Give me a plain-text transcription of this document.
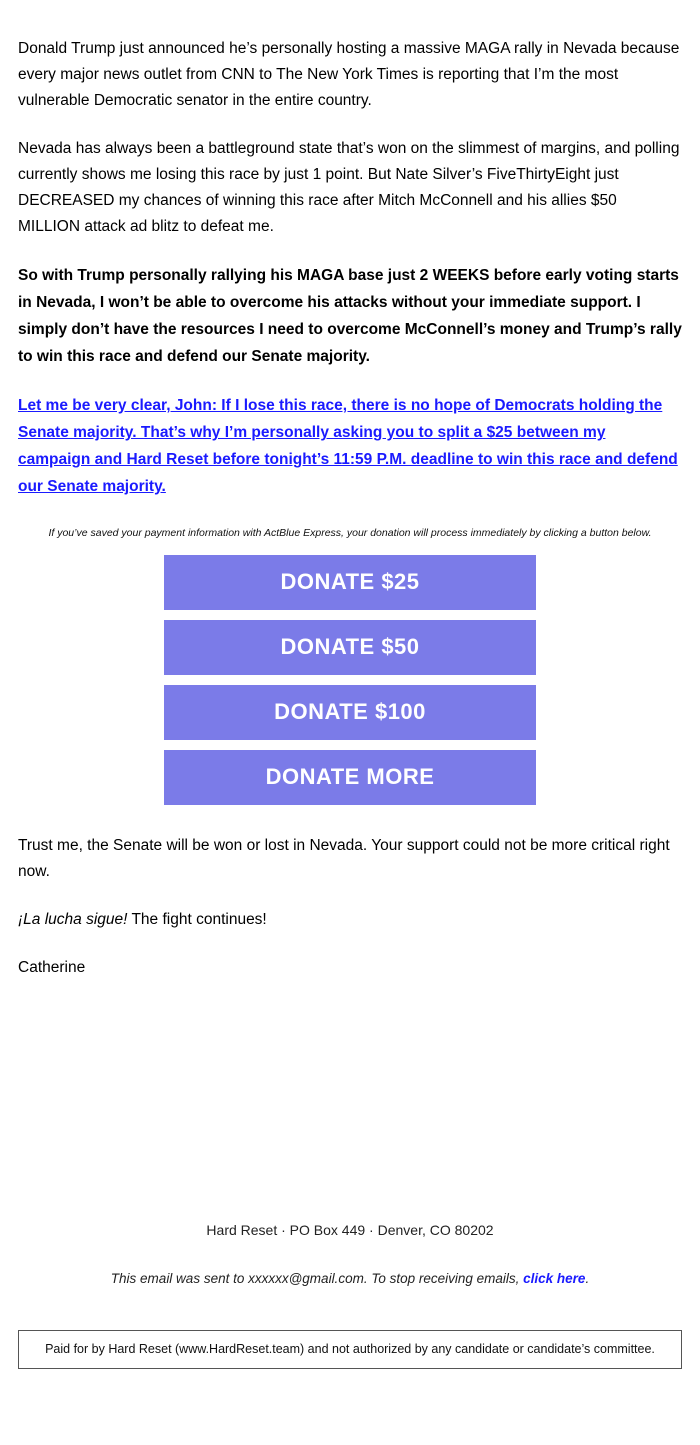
Donald Trump just announced he’s personally hosting a massive MAGA rally in Nevada because every major news outlet from CNN to The New York Times is reporting that I’m the most vulnerable Democratic senator in the entire country.

Nevada has always been a battleground state that’s won on the slimmest of margins, and polling currently shows me losing this race by just 1 point. But Nate Silver’s FiveThirtyEight just DECREASED my chances of winning this race after Mitch McConnell and his allies $50 MILLION attack ad blitz to defeat me.

So with Trump personally rallying his MAGA base just 2 WEEKS before early voting starts in Nevada, I won’t be able to overcome his attacks without your immediate support. I simply don’t have the resources I need to overcome McConnell’s money and Trump’s rally to win this race and defend our Senate majority.

Let me be very clear, John: If I lose this race, there is no hope of Democrats holding the Senate majority. That’s why I’m personally asking you to split a $25 between my campaign and Hard Reset before tonight’s 11:59 P.M. deadline to win this race and defend our Senate majority.
If you’ve saved your payment information with ActBlue Express, your donation will process immediately by clicking a button below.
DONATE $25
DONATE $50
DONATE $100
DONATE MORE

Trust me, the Senate will be won or lost in Nevada. Your support could not be more critical right now.

¡La lucha sigue! The fight continues!

Catherine

Hard Reset · PO Box 449 · Denver, CO 80202
This email was sent to xxxxxx@gmail.com. To stop receiving emails, click here.
Paid for by Hard Reset (www.HardReset.team) and not authorized by any candidate or candidate’s committee.
